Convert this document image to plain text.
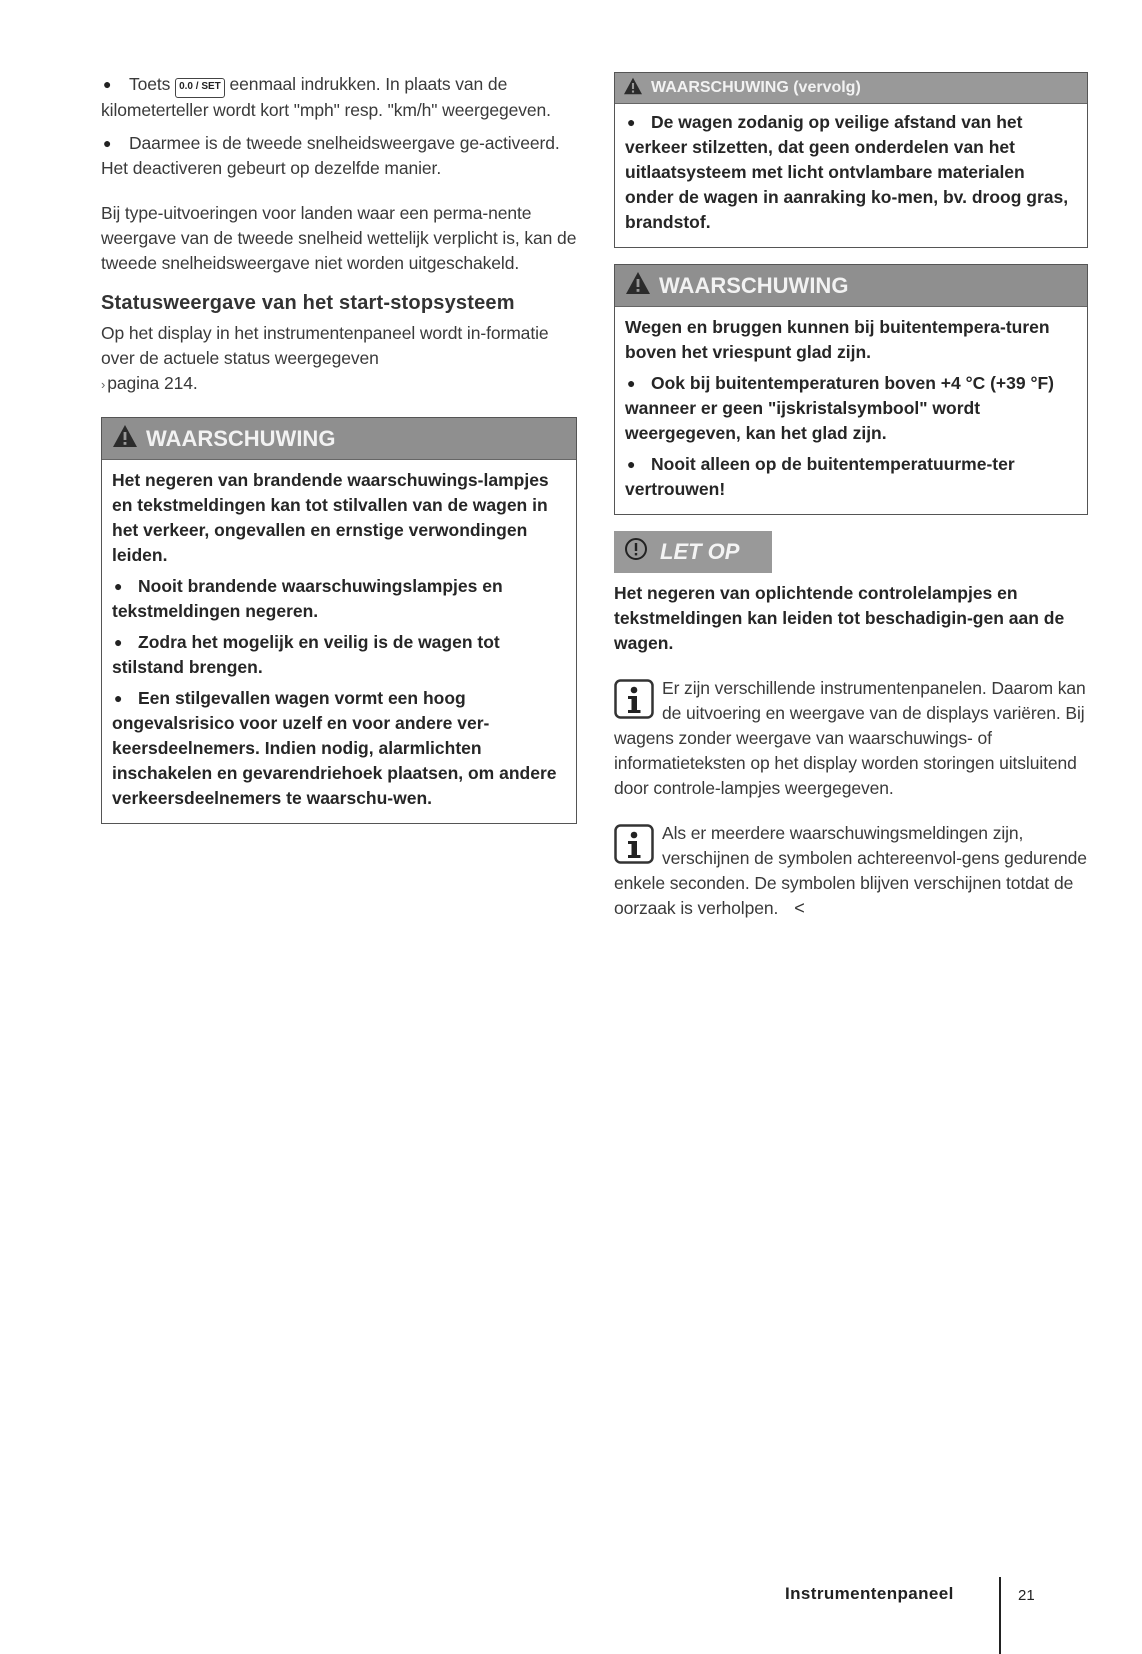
● Toets 0.0 / SET eenmaal indrukken. In plaats van de kilometerteller wordt kort "mph" resp. "km/h" weergegeven.

● Daarmee is de tweede snelheidsweergave ge-activeerd. Het deactiveren gebeurt op dezelfde manier.

Bij type-uitvoeringen voor landen waar een perma-nente weergave van de tweede snelheid wettelijk verplicht is, kan de tweede snelheidsweergave niet worden uitgeschakeld.

Statusweergave van het start-stopsysteem

Op het display in het instrumentenpaneel wordt in-formatie over de actuele status weergegeven
› pagina 214.

WAARSCHUWING

Het negeren van brandende waarschuwings-lampjes en tekstmeldingen kan tot stilvallen van de wagen in het verkeer, ongevallen en ernstige verwondingen leiden.

● Nooit brandende waarschuwingslampjes en tekstmeldingen negeren.

● Zodra het mogelijk en veilig is de wagen tot stilstand brengen.

● Een stilgevallen wagen vormt een hoog ongevalsrisico voor uzelf en voor andere ver-keersdeelnemers. Indien nodig, alarmlichten inschakelen en gevarendriehoek plaatsen, om andere verkeersdeelnemers te waarschu-wen.

WAARSCHUWING (vervolg)

● De wagen zodanig op veilige afstand van het verkeer stilzetten, dat geen onderdelen van het uitlaatsysteem met licht ontvlambare materialen onder de wagen in aanraking ko-men, bv. droog gras, brandstof.

WAARSCHUWING

Wegen en bruggen kunnen bij buitentempera-turen boven het vriespunt glad zijn.

● Ook bij buitentemperaturen boven +4 °C (+39 °F) wanneer er geen "ijskristalsymbool" wordt weergegeven, kan het glad zijn.

● Nooit alleen op de buitentemperatuurme-ter vertrouwen!

LET OP

Het negeren van oplichtende controlelampjes en tekstmeldingen kan leiden tot beschadigin-gen aan de wagen.

Er zijn verschillende instrumentenpanelen. Daarom kan de uitvoering en weergave van de displays variëren. Bij wagens zonder weergave van waarschuwings- of informatieteksten op het display worden storingen uitsluitend door controle-lampjes weergegeven.

Als er meerdere waarschuwingsmeldingen zijn, verschijnen de symbolen achtereenvol-gens gedurende enkele seconden. De symbolen blijven verschijnen totdat de oorzaak is verholpen. <

Instrumentenpaneel	21
